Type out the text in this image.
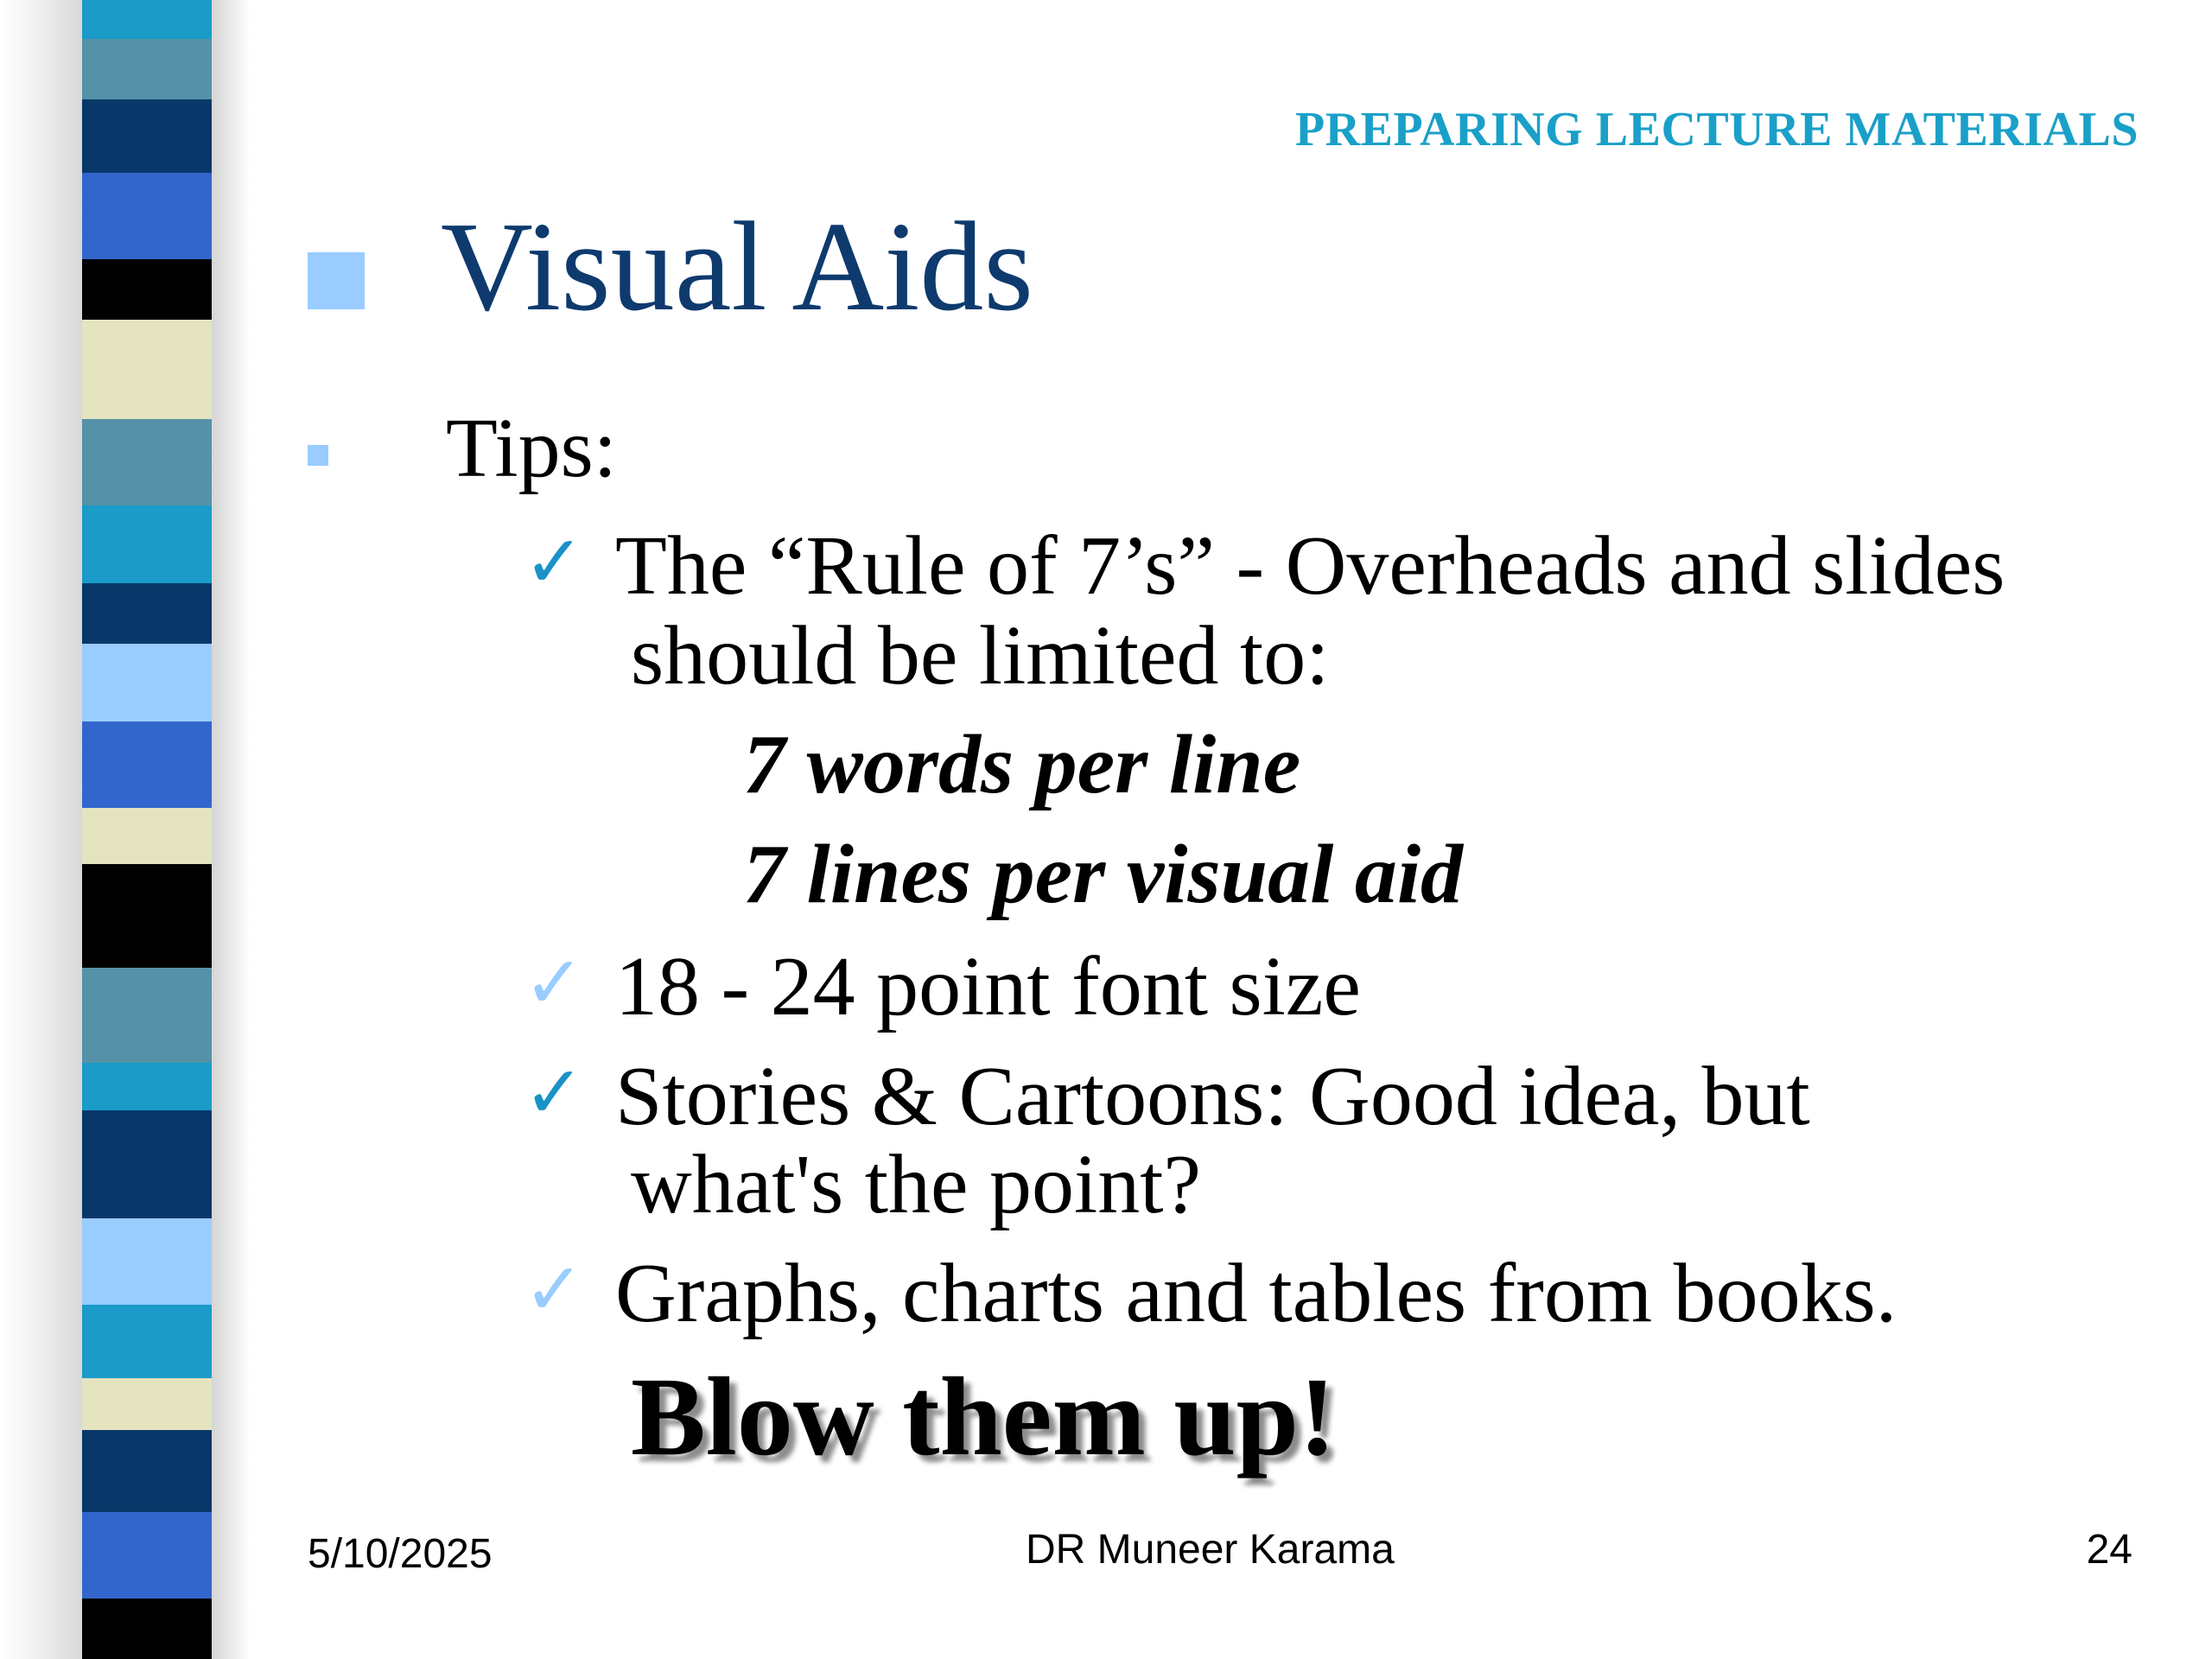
PREPARING LECTURE MATERIALS
Visual Aids
Tips:
✓ The “Rule of 7’s” - Overheads and slides
should be limited to:
7 words per line
7 lines per visual aid
✓ 18 - 24 point font size
✓ Stories & Cartoons: Good idea, but
what's the point?
✓ Graphs, charts and tables from books.
Blow them up!
5/10/2025	DR Muneer Karama	24
